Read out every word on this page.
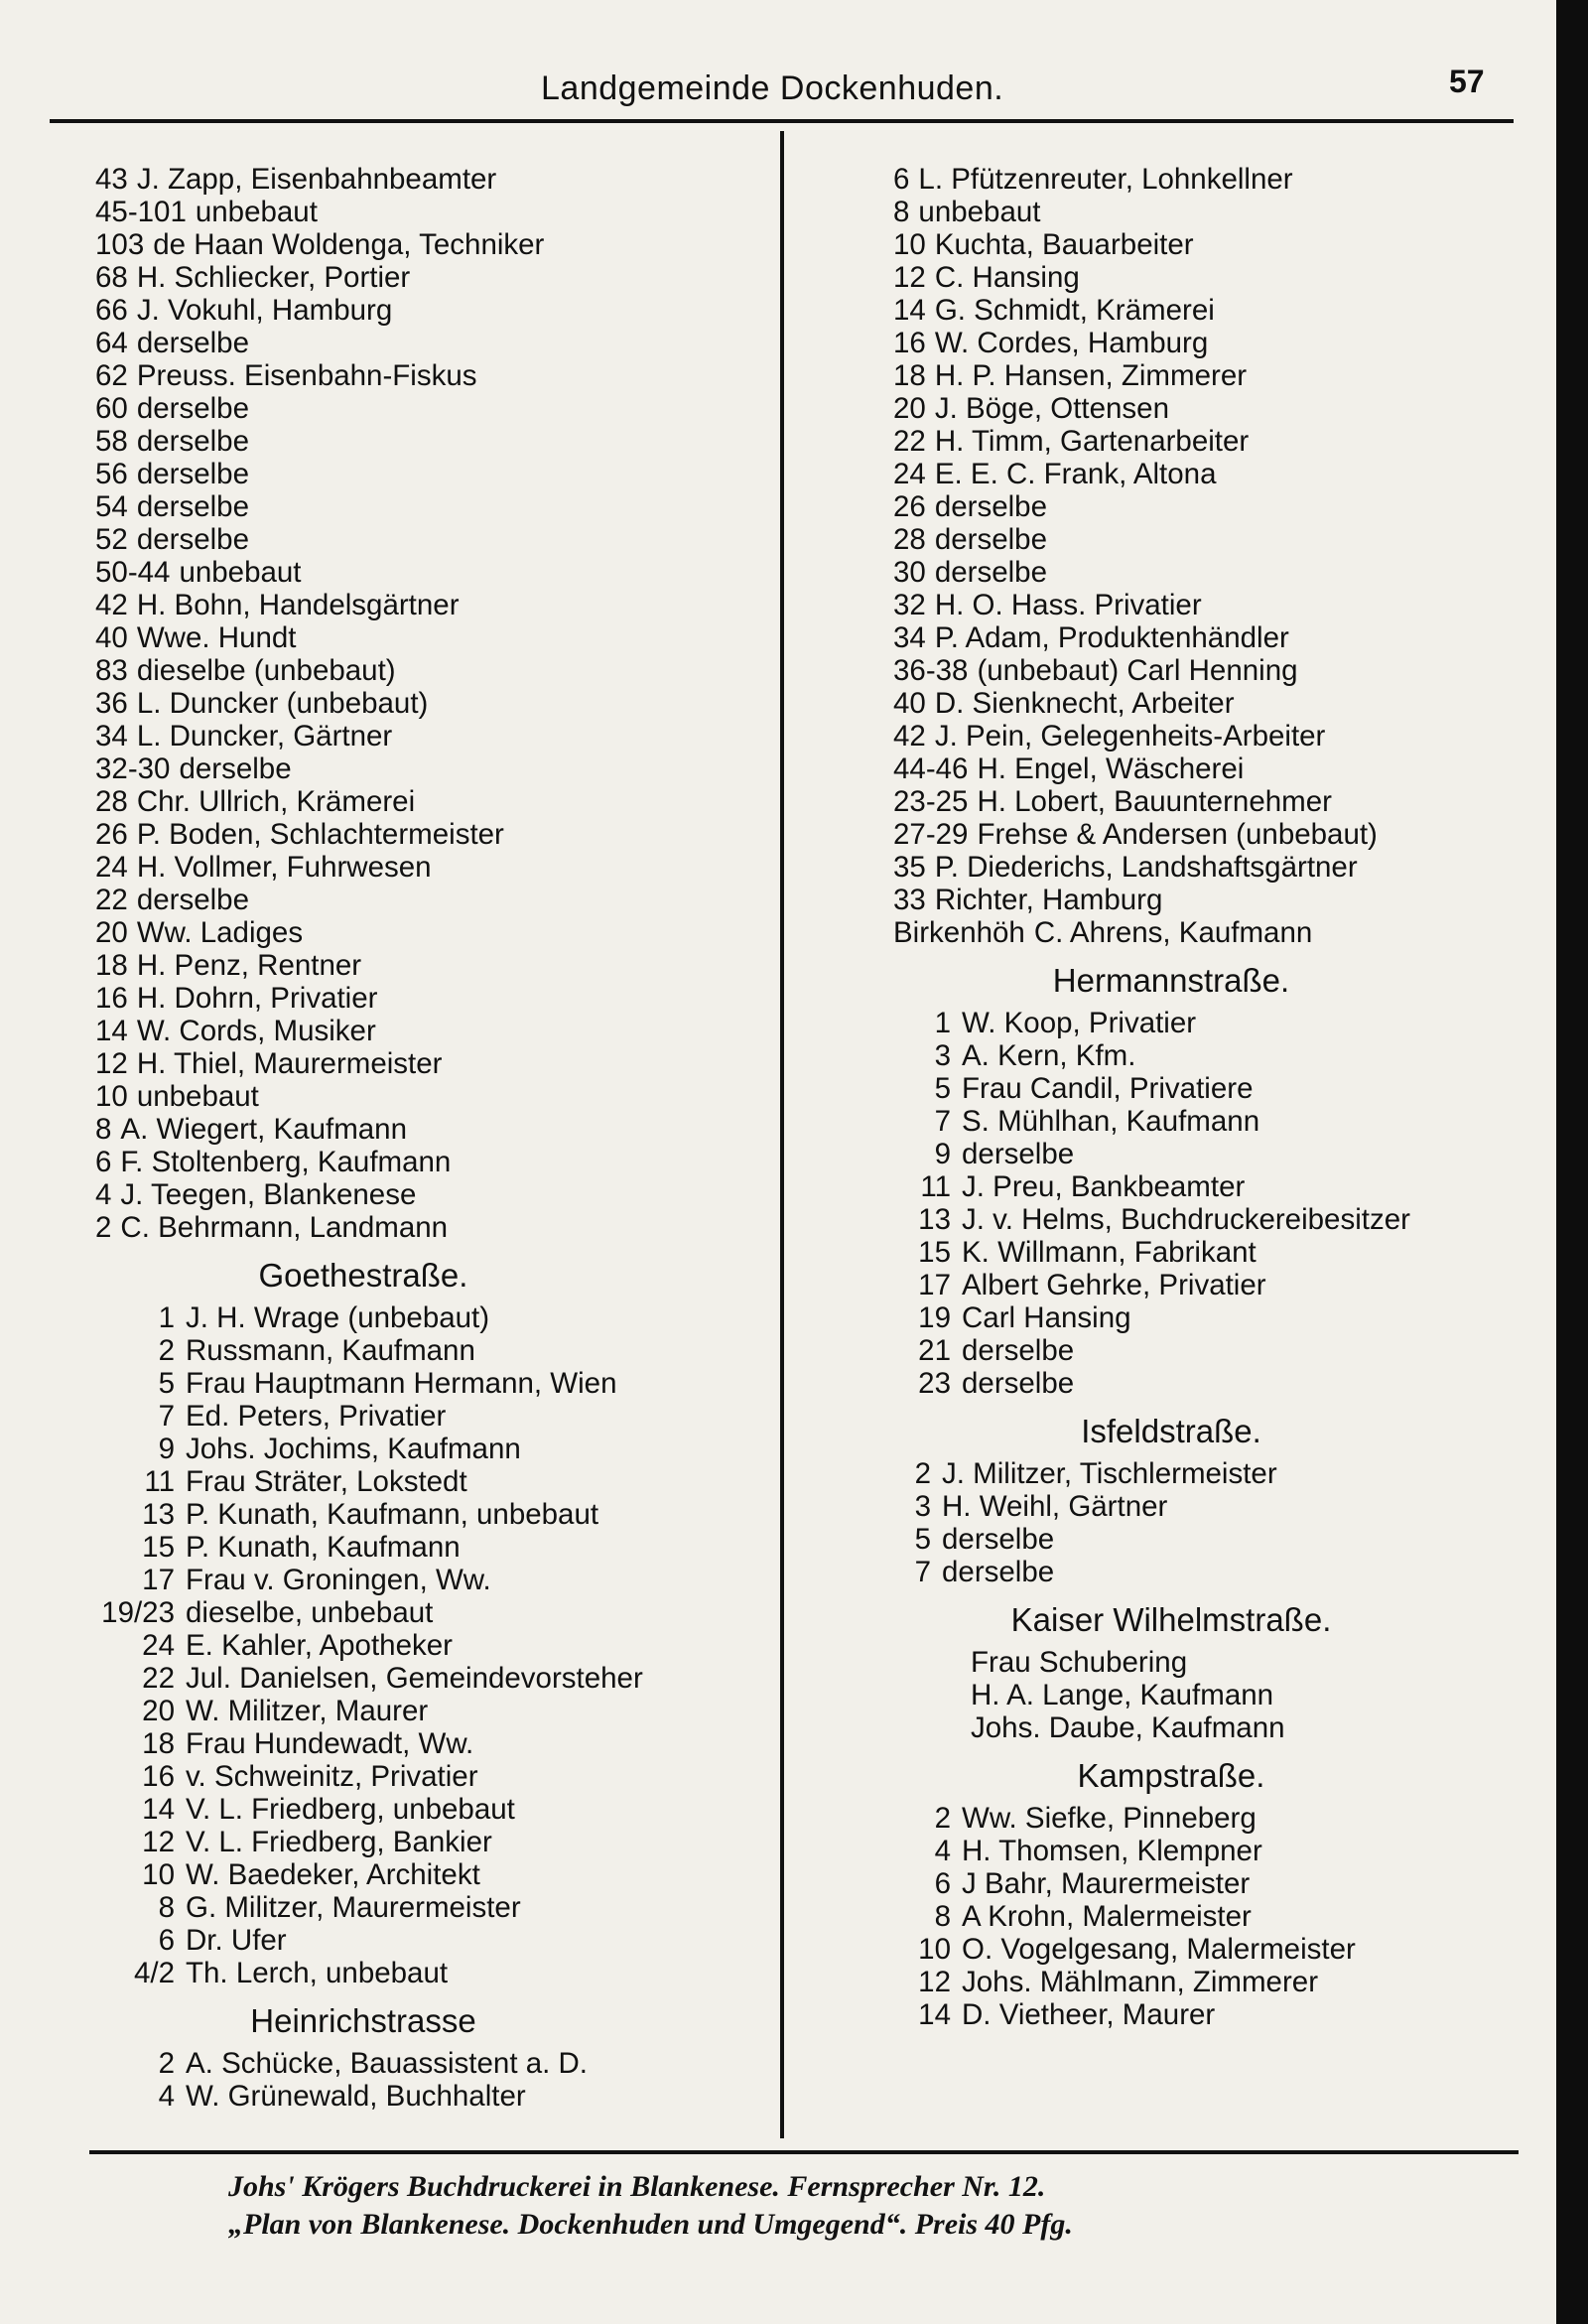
Landgemeinde Dockenhuden.	57
43 J. Zapp, Eisenbahnbeamter
45-101 unbebaut
103 de Haan Woldenga, Techniker
68 H. Schliecker, Portier
66 J. Vokuhl, Hamburg
64 derselbe
62 Preuss. Eisenbahn-Fiskus
60 derselbe
58 derselbe
56 derselbe
54 derselbe
52 derselbe
50-44 unbebaut
42 H. Bohn, Handelsgärtner
40 Wwe. Hundt
83 dieselbe (unbebaut)
36 L. Duncker (unbebaut)
34 L. Duncker, Gärtner
32-30 derselbe
28 Chr. Ullrich, Krämerei
26 P. Boden, Schlachtermeister
24 H. Vollmer, Fuhrwesen
22 derselbe
20 Ww. Ladiges
18 H. Penz, Rentner
16 H. Dohrn, Privatier
14 W. Cords, Musiker
12 H. Thiel, Maurermeister
10 unbebaut
8 A. Wiegert, Kaufmann
6 F. Stoltenberg, Kaufmann
4 J. Teegen, Blankenese
2 C. Behrmann, Landmann
Goethestraße.
1 J. H. Wrage (unbebaut)
2 Russmann, Kaufmann
5 Frau Hauptmann Hermann, Wien
7 Ed. Peters, Privatier
9 Johs. Jochims, Kaufmann
11 Frau Sträter, Lokstedt
13 P. Kunath, Kaufmann, unbebaut
15 P. Kunath, Kaufmann
17 Frau v. Groningen, Ww.
19/23 dieselbe, unbebaut
24 E. Kahler, Apotheker
22 Jul. Danielsen, Gemeindevorsteher
20 W. Militzer, Maurer
18 Frau Hundewadt, Ww.
16 v. Schweinitz, Privatier
14 V. L. Friedberg, unbebaut
12 V. L. Friedberg, Bankier
10 W. Baedeker, Architekt
8 G. Militzer, Maurermeister
6 Dr. Ufer
4/2 Th. Lerch, unbebaut
Heinrichstrasse
2 A. Schücke, Bauassistent a. D.
4 W. Grünewald, Buchhalter
6 L. Pfützenreuter, Lohnkellner
8 unbebaut
10 Kuchta, Bauarbeiter
12 C. Hansing
14 G. Schmidt, Krämerei
16 W. Cordes, Hamburg
18 H. P. Hansen, Zimmerer
20 J. Böge, Ottensen
22 H. Timm, Gartenarbeiter
24 E. E. C. Frank, Altona
26 derselbe
28 derselbe
30 derselbe
32 H. O. Hass. Privatier
34 P. Adam, Produktenhändler
36-38 (unbebaut) Carl Henning
40 D. Sienknecht, Arbeiter
42 J. Pein, Gelegenheits-Arbeiter
44-46 H. Engel, Wäscherei
23-25 H. Lobert, Bauunternehmer
27-29 Frehse & Andersen (unbebaut)
35 P. Diederichs, Landshaftsgärtner
33 Richter, Hamburg
Birkenhöh C. Ahrens, Kaufmann
Hermannstraße.
1 W. Koop, Privatier
3 A. Kern, Kfm.
5 Frau Candil, Privatiere
7 S. Mühlhan, Kaufmann
9 derselbe
11 J. Preu, Bankbeamter
13 J. v. Helms, Buchdruckereibesitzer
15 K. Willmann, Fabrikant
17 Albert Gehrke, Privatier
19 Carl Hansing
21 derselbe
23 derselbe
Isfeldstraße.
2 J. Militzer, Tischlermeister
3 H. Weihl, Gärtner
5 derselbe
7 derselbe
Kaiser Wilhelmstraße.
Frau Schubering
H. A. Lange, Kaufmann
Johs. Daube, Kaufmann
Kampstraße.
2 Ww. Siefke, Pinneberg
4 H. Thomsen, Klempner
6 J Bahr, Maurermeister
8 A Krohn, Malermeister
10 O. Vogelgesang, Malermeister
12 Johs. Mählmann, Zimmerer
14 D. Vietheer, Maurer
Johs' Krögers Buchdruckerei in Blankenese. Fernsprecher Nr. 12.
„Plan von Blankenese. Dockenhuden und Umgegend“. Preis 40 Pfg.
